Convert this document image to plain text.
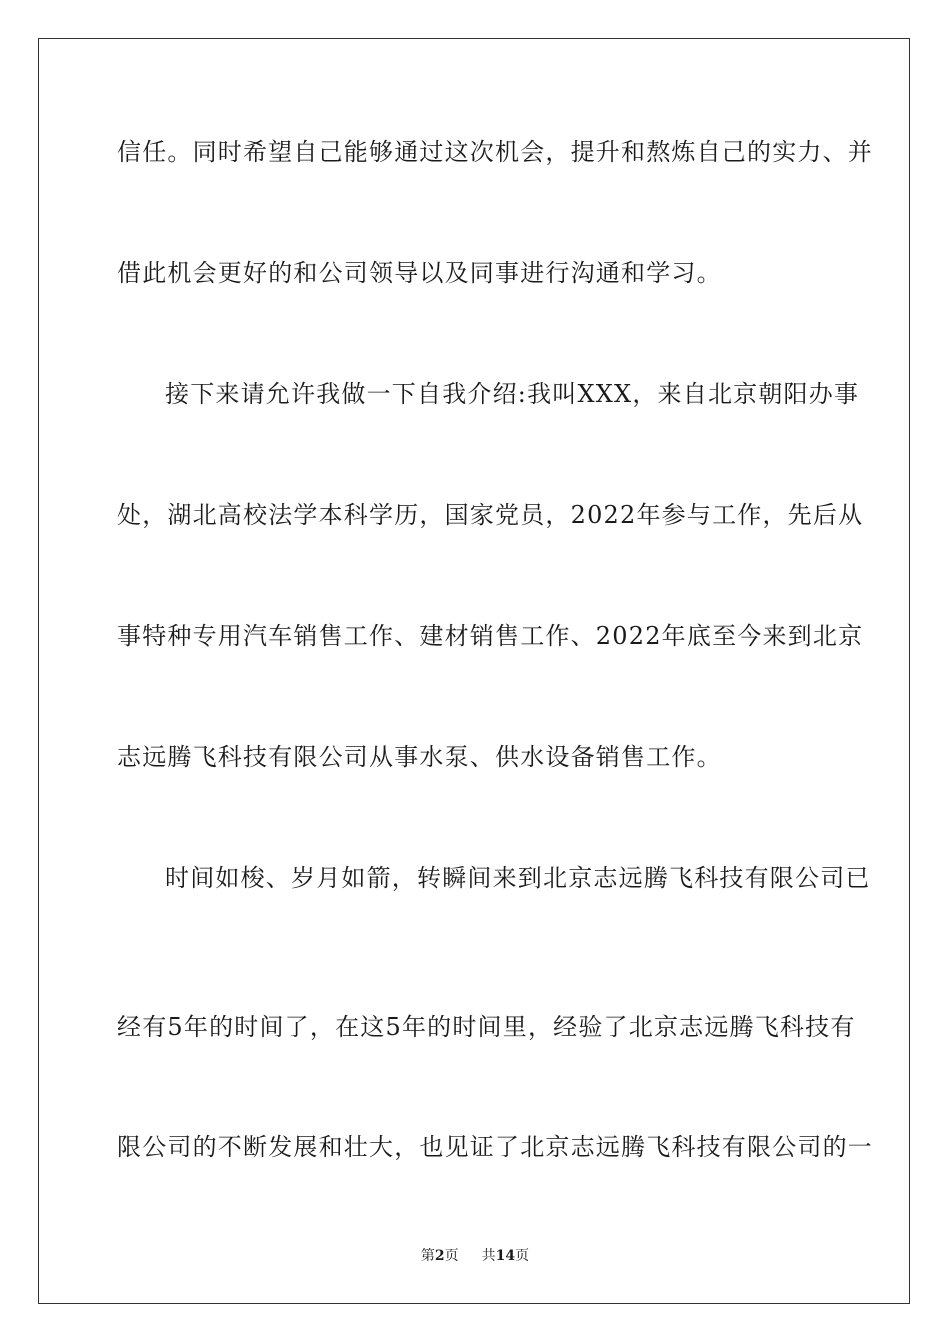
信任。同时希望自己能够通过这次机会，提升和熬炼自己的实力、并
借此机会更好的和公司领导以及同事进行沟通和学习。
接下来请允许我做一下自我介绍:我叫XXX，来自北京朝阳办事
处，湖北高校法学本科学历，国家党员，2022年参与工作，先后从
事特种专用汽车销售工作、建材销售工作、2022年底至今来到北京
志远腾飞科技有限公司从事水泵、供水设备销售工作。
时间如梭、岁月如箭，转瞬间来到北京志远腾飞科技有限公司已
经有5年的时间了，在这5年的时间里，经验了北京志远腾飞科技有
限公司的不断发展和壮大，也见证了北京志远腾飞科技有限公司的一
第2页 共14页
